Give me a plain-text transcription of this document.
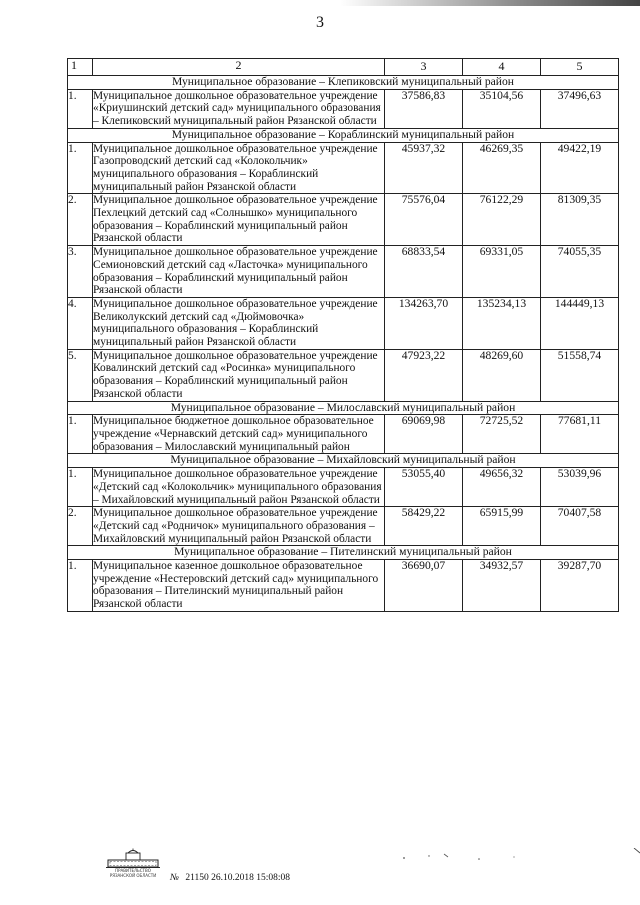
3
1	2	3	4	5
Муниципальное образование – Клепиковский муниципальный район				
1.	Муниципальное дошкольное образовательное учреждение «Криушинский детский сад» муниципального образования – Клепиковский муниципальный район Рязанской области	37586,83	35104,56	37496,63
Муниципальное образование – Кораблинский муниципальный район				
1.	Муниципальное дошкольное образовательное учреждение Газопроводский детский сад «Колокольчик» муниципального образования – Кораблинский муниципальный район Рязанской области	45937,32	46269,35	49422,19
2.	Муниципальное дошкольное образовательное учреждение Пехлецкий детский сад «Солнышко» муниципального образования – Кораблинский муниципальный район Рязанской области	75576,04	76122,29	81309,35
3.	Муниципальное дошкольное образовательное учреждение Семионовский детский сад «Ласточка» муниципального образования – Кораблинский муниципальный район Рязанской области	68833,54	69331,05	74055,35
4.	Муниципальное дошкольное образовательное учреждение Великолукский детский сад «Дюймовочка» муниципального образования – Кораблинский муниципальный район Рязанской области	134263,70	135234,13	144449,13
5.	Муниципальное дошкольное образовательное учреждение Ковалинский детский сад «Росинка» муниципального образования – Кораблинский муниципальный район Рязанской области	47923,22	48269,60	51558,74
Муниципальное образование – Милославский муниципальный район				
1.	Муниципальное бюджетное дошкольное образовательное учреждение «Чернавский детский сад» муниципального образования – Милославский муниципальный район	69069,98	72725,52	77681,11
Муниципальное образование – Михайловский муниципальный район				
1.	Муниципальное дошкольное образовательное учреждение «Детский сад «Колокольчик» муниципального образования – Михайловский муниципальный район Рязанской области	53055,40	49656,32	53039,96
2.	Муниципальное дошкольное образовательное учреждение «Детский сад «Родничок» муниципального образования – Михайловский муниципальный район Рязанской области	58429,22	65915,99	70407,58
Муниципальное образование – Пителинский муниципальный район				
1.	Муниципальное казенное дошкольное образовательное учреждение «Нестеровский детский сад» муниципального образования – Пителинский муниципальный район Рязанской области	36690,07	34932,57	39287,70
ПРАВИТЕЛЬСТВО РЯЗАНСКОЙ ОБЛАСТИ	№ 21150 26.10.2018 15:08:08
